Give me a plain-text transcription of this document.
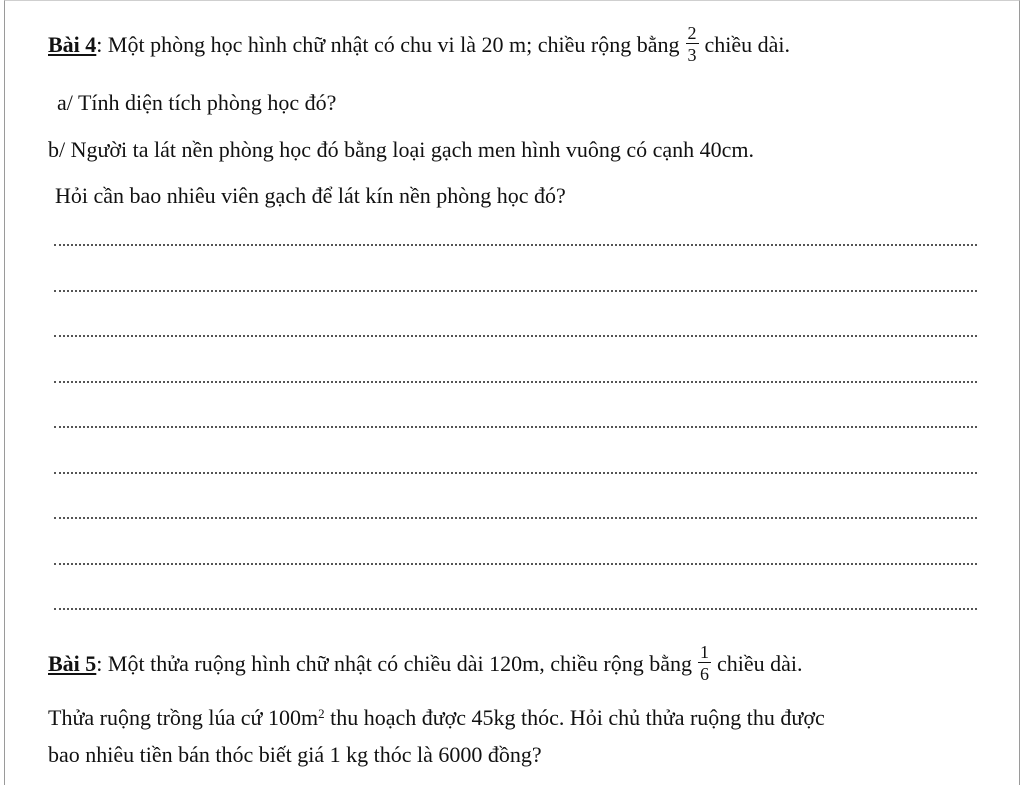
Bài 4: Một phòng học hình chữ nhật có chu vi là 20 m; chiều rộng bằng $\frac{2}{3}$ chiều dài.
a/ Tính diện tích phòng học đó?
b/ Người ta lát nền phòng học đó bằng loại gạch men hình vuông có cạnh 40cm.
Hỏi cần bao nhiêu viên gạch để lát kín nền phòng học đó?
Bài 5: Một thửa ruộng hình chữ nhật có chiều dài 120m, chiều rộng bằng $\frac{1}{6}$ chiều dài.
Thửa ruộng trồng lúa cứ $100m^2$ thu hoạch được 45kg thóc. Hỏi chủ thửa ruộng thu được
bao nhiêu tiền bán thóc biết giá 1 kg thóc là 6000 đồng?
